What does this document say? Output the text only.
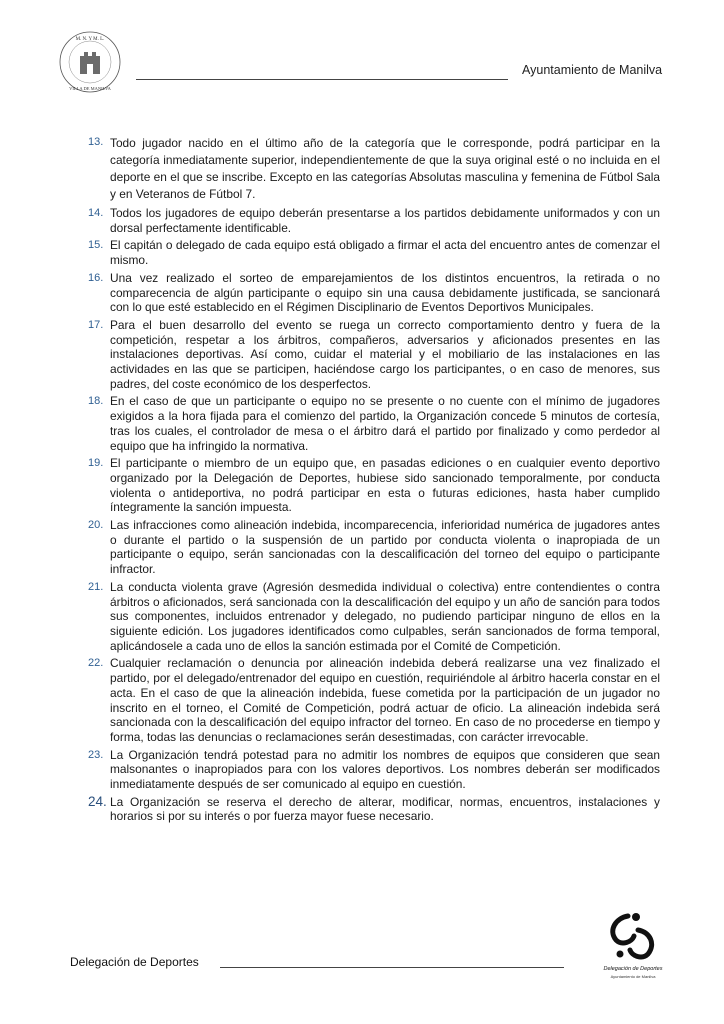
M. N. Y M. L.
VILLA DE MANILVA
Ayuntamiento de Manilva
13. Todo jugador nacido en el último año de la categoría que le corresponde, podrá participar en la categoría inmediatamente superior, independientemente de que la suya original esté o no incluida en el deporte en el que se inscribe. Excepto en las categorías Absolutas masculina y femenina de Fútbol Sala y en Veteranos de Fútbol 7.
14. Todos los jugadores de equipo deberán presentarse a los partidos debidamente uniformados y con un dorsal perfectamente identificable.
15. El capitán o delegado de cada equipo está obligado a firmar el acta del encuentro antes de comenzar el mismo.
16. Una vez realizado el sorteo de emparejamientos de los distintos encuentros, la retirada o no comparecencia de algún participante o equipo sin una causa debidamente justificada, se sancionará con lo que esté establecido en el Régimen Disciplinario de Eventos Deportivos Municipales.
17. Para el buen desarrollo del evento se ruega un correcto comportamiento dentro y fuera de la competición, respetar a los árbitros, compañeros, adversarios y aficionados presentes en las instalaciones deportivas. Así como, cuidar el material y el mobiliario de las instalaciones en las actividades en las que se participen, haciéndose cargo los participantes, o en caso de menores, sus padres, del coste económico de los desperfectos.
18. En el caso de que un participante o equipo no se presente o no cuente con el mínimo de jugadores exigidos a la hora fijada para el comienzo del partido, la Organización concede 5 minutos de cortesía, tras los cuales, el controlador de mesa o el árbitro dará el partido por finalizado y como perdedor al equipo que ha infringido la normativa.
19. El participante o miembro de un equipo que, en pasadas ediciones o en cualquier evento deportivo organizado por la Delegación de Deportes, hubiese sido sancionado temporalmente, por conducta violenta o antideportiva, no podrá participar en esta o futuras ediciones, hasta haber cumplido íntegramente la sanción impuesta.
20. Las infracciones como alineación indebida, incomparecencia, inferioridad numérica de jugadores antes o durante el partido o la suspensión de un partido por conducta violenta o inapropiada de un participante o equipo, serán sancionadas con la descalificación del torneo del equipo o participante infractor.
21. La conducta violenta grave (Agresión desmedida individual o colectiva) entre contendientes o contra árbitros o aficionados, será sancionada con la descalificación del equipo y un año de sanción para todos sus componentes, incluidos entrenador y delegado, no pudiendo participar ninguno de ellos en la siguiente edición. Los jugadores identificados como culpables, serán sancionados de forma temporal, aplicándosele a cada uno de ellos la sanción estimada por el Comité de Competición.
22. Cualquier reclamación o denuncia por alineación indebida deberá realizarse una vez finalizado el partido, por el delegado/entrenador del equipo en cuestión, requiriéndole al árbitro hacerla constar en el acta. En el caso de que la alineación indebida, fuese cometida por la participación de un jugador no inscrito en el torneo, el Comité de Competición, podrá actuar de oficio. La alineación indebida será sancionada con la descalificación del equipo infractor del torneo. En caso de no procederse en tiempo y forma, todas las denuncias o reclamaciones serán desestimadas, con carácter irrevocable.
23. La Organización tendrá potestad para no admitir los nombres de equipos que consideren que sean malsonantes o inapropiados para con los valores deportivos. Los nombres deberán ser modificados inmediatamente después de ser comunicado al equipo en cuestión.
24. La Organización se reserva el derecho de alterar, modificar, normas, encuentros, instalaciones y horarios si por su interés o por fuerza mayor fuese necesario.
Delegación de Deportes	Delegación de Deportes
Ayuntamiento de Manilva
